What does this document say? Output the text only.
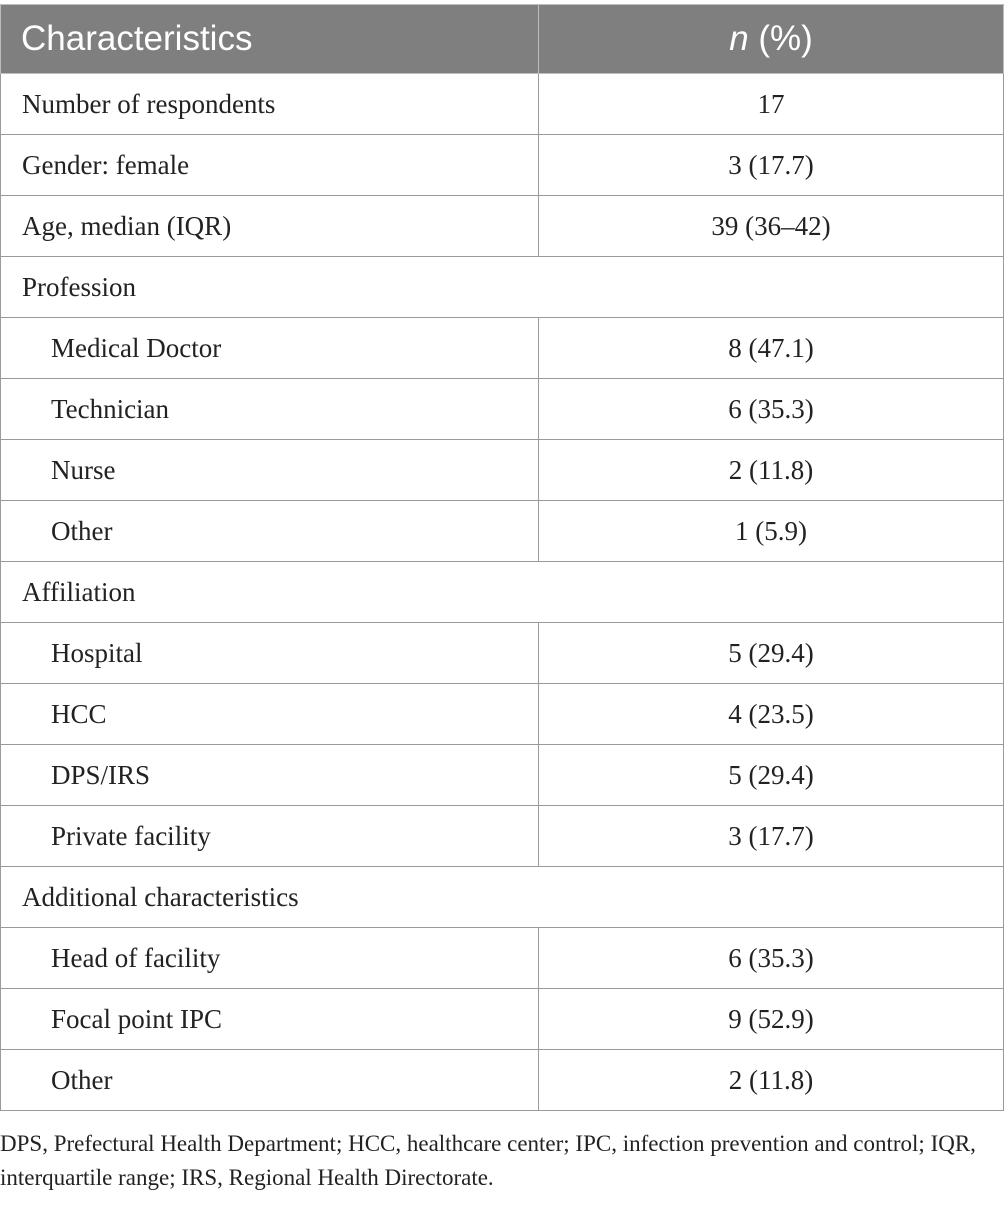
Characteristics	n (%)
Number of respondents	17
Gender: female	3 (17.7)
Age, median (IQR)	39 (36–42)
Profession	
Medical Doctor	8 (47.1)
Technician	6 (35.3)
Nurse	2 (11.8)
Other	1 (5.9)
Affiliation	
Hospital	5 (29.4)
HCC	4 (23.5)
DPS/IRS	5 (29.4)
Private facility	3 (17.7)
Additional characteristics	
Head of facility	6 (35.3)
Focal point IPC	9 (52.9)
Other	2 (11.8)

DPS, Prefectural Health Department; HCC, healthcare center; IPC, infection prevention and control; IQR, interquartile range; IRS, Regional Health Directorate.
